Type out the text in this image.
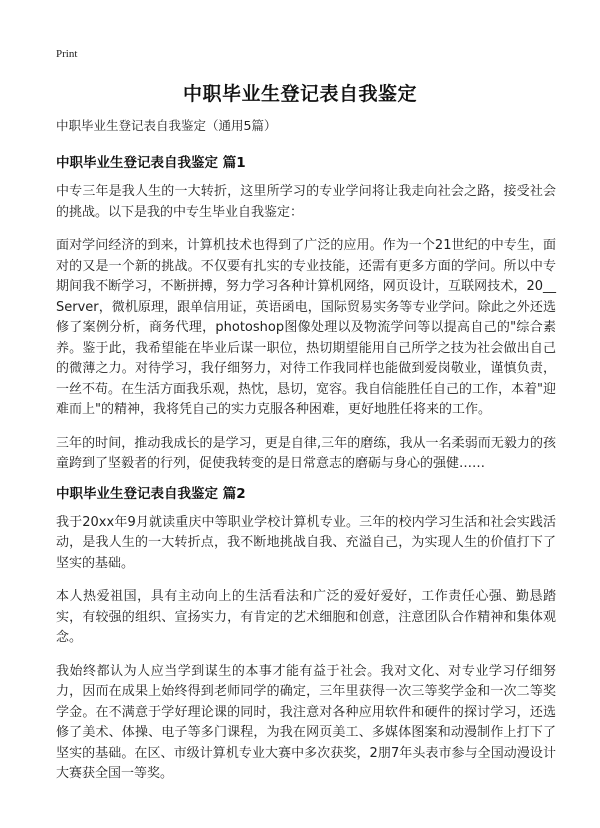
Print
中职毕业生登记表自我鉴定
中职毕业生登记表自我鉴定（通用5篇）
中职毕业生登记表自我鉴定 篇1

中专三年是我人生的一大转折，这里所学习的专业学问将让我走向社会之路，接受社会的挑战。以下是我的中专生毕业自我鉴定：

面对学问经济的到来，计算机技术也得到了广泛的应用。作为一个21世纪的中专生，面对的又是一个新的挑战。不仅要有扎实的专业技能，还需有更多方面的学问。所以中专期间我不断学习，不断拼搏，努力学习各种计算机网络，网页设计，互联网技术，20__Server，微机原理，跟单信用证，英语函电，国际贸易实务等专业学问。除此之外还选修了案例分析，商务代理，photoshop图像处理以及物流学问等以提高自己的"综合素养。鉴于此，我希望能在毕业后谋一职位，热切期望能用自己所学之技为社会做出自己的微薄之力。对待学习，我仔细努力，对待工作我同样也能做到爱岗敬业，谨慎负责，一丝不苟。在生活方面我乐观，热忱，恳切，宽容。我自信能胜任自己的工作，本着"迎难而上"的精神，我将凭自己的实力克服各种困难，更好地胜任将来的工作。

三年的时间，推动我成长的是学习，更是自律,三年的磨练，我从一名柔弱而无毅力的孩童跨到了坚毅者的行列，促使我转变的是日常意志的磨砺与身心的强健……

中职毕业生登记表自我鉴定 篇2

我于20xx年9月就读重庆中等职业学校计算机专业。三年的校内学习生活和社会实践活动，是我人生的一大转折点，我不断地挑战自我、充溢自己，为实现人生的价值打下了坚实的基础。

本人热爱祖国，具有主动向上的生活看法和广泛的爱好爱好，工作责任心强、勤恳踏实，有较强的组织、宣扬实力，有肯定的艺术细胞和创意，注意团队合作精神和集体观念。

我始终都认为人应当学到谋生的本事才能有益于社会。我对文化、对专业学习仔细努力，因而在成果上始终得到老师同学的确定，三年里获得一次三等奖学金和一次二等奖学金。在不满意于学好理论课的同时，我注意对各种应用软件和硬件的探讨学习，还选修了美术、体操、电子等多门课程，为我在网页美工、多媒体图案和动漫制作上打下了坚实的基础。在区、市级计算机专业大赛中多次获奖，2朋7年头表市参与全国动漫设计大赛获全国一等奖。
